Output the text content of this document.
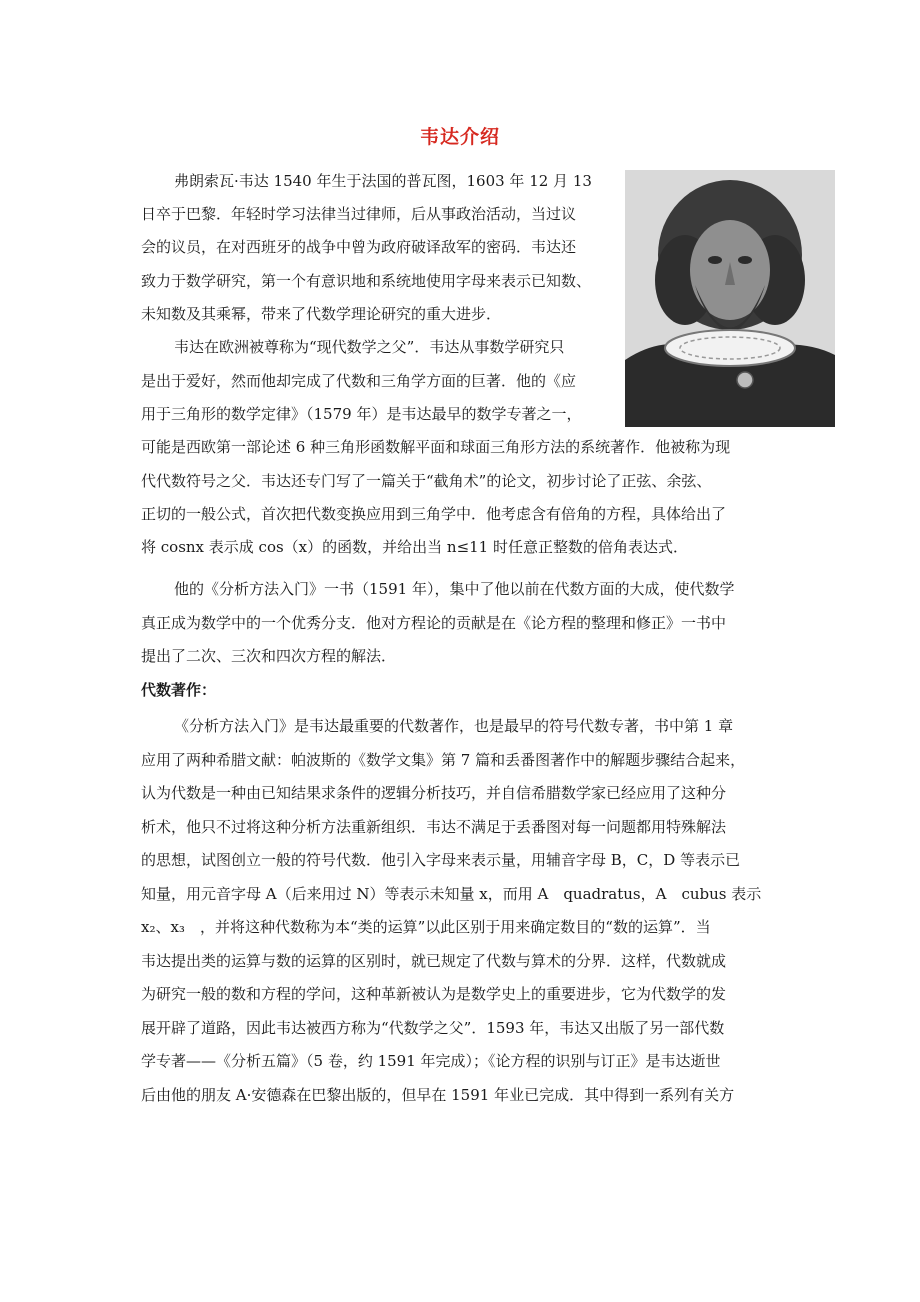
韦达介绍
弗朗索瓦·韦达 1540 年生于法国的普瓦图，1603 年 12 月 13
日卒于巴黎．年轻时学习法律当过律师，后从事政治活动，当过议
会的议员，在对西班牙的战争中曾为政府破译敌军的密码．韦达还
致力于数学研究，第一个有意识地和系统地使用字母来表示已知数、
未知数及其乘幂，带来了代数学理论研究的重大进步．
韦达在欧洲被尊称为“现代数学之父”．韦达从事数学研究只
是出于爱好，然而他却完成了代数和三角学方面的巨著．他的《应
用于三角形的数学定律》（1579 年）是韦达最早的数学专著之一，
可能是西欧第一部论述 6 种三角形函数解平面和球面三角形方法的系统著作．他被称为现
代代数符号之父．韦达还专门写了一篇关于“截角术”的论文，初步讨论了正弦、余弦、
正切的一般公式，首次把代数变换应用到三角学中．他考虑含有倍角的方程，具体给出了
将 cosnx 表示成 cos（x）的函数，并给出当 n≤11 时任意正整数的倍角表达式．
他的《分析方法入门》一书（1591 年），集中了他以前在代数方面的大成，使代数学
真正成为数学中的一个优秀分支．他对方程论的贡献是在《论方程的整理和修正》一书中
提出了二次、三次和四次方程的解法．
代数著作：
《分析方法入门》是韦达最重要的代数著作，也是最早的符号代数专著，书中第 1 章
应用了两种希腊文献：帕波斯的《数学文集》第 7 篇和丢番图著作中的解题步骤结合起来，
认为代数是一种由已知结果求条件的逻辑分析技巧，并自信希腊数学家已经应用了这种分
析术，他只不过将这种分析方法重新组织．韦达不满足于丢番图对每一问题都用特殊解法
的思想，试图创立一般的符号代数．他引入字母来表示量，用辅音字母 B，C，D 等表示已
知量，用元音字母 A（后来用过 N）等表示未知量 x，而用 A　quadratus，A　cubus 表示
x₂、x₃　，并将这种代数称为本“类的运算”以此区别于用来确定数目的“数的运算”．当
韦达提出类的运算与数的运算的区别时，就已规定了代数与算术的分界．这样，代数就成
为研究一般的数和方程的学问，这种革新被认为是数学史上的重要进步，它为代数学的发
展开辟了道路，因此韦达被西方称为“代数学之父”．1593 年，韦达又出版了另一部代数
学专著——《分析五篇》（5 卷，约 1591 年完成）；《论方程的识别与订正》是韦达逝世
后由他的朋友 A·安德森在巴黎出版的，但早在 1591 年业已完成．其中得到一系列有关方
